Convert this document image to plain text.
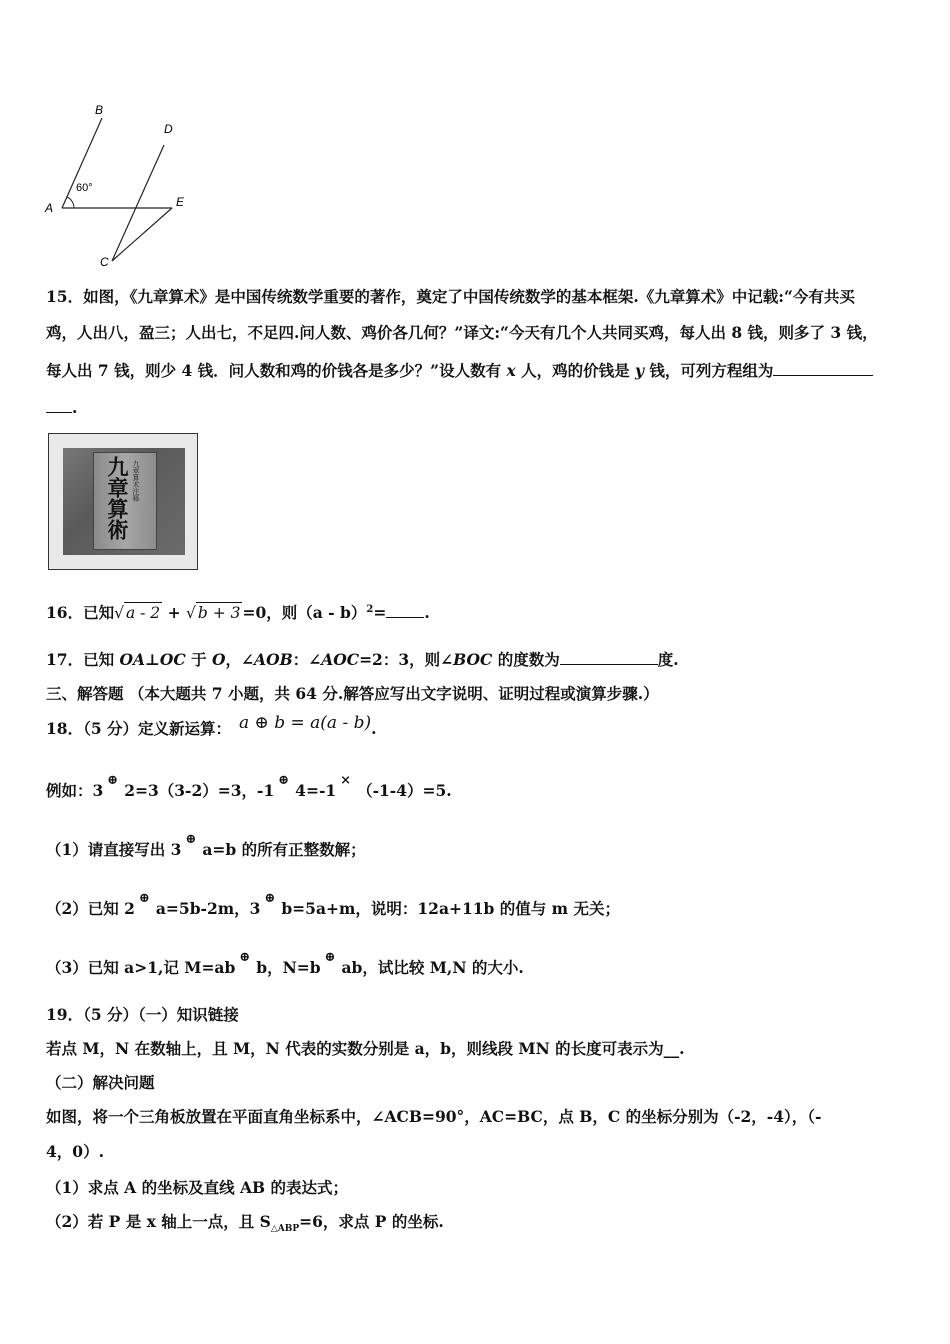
B
D
A	E
C
60°
15．如图，《九章算术》是中国传统数学重要的著作，奠定了中国传统数学的基本框架.《九章算术》中记载:“今有共买
鸡，人出八，盈三；人出七，不足四.问人数、鸡价各几何？”译文:“今天有几个人共同买鸡，每人出 8 钱，则多了 3 钱，
每人出 7 钱，则少 4 钱．问人数和鸡的价钱各是多少？”设人数有 x 人，鸡的价钱是 y 钱，可列方程组为
.
九章算術 九章算术注释
16．已知√ a - 2 + √ b + 3 =0，则（a - b）$^2$= .
17．已知 OA⊥OC 于 O，∠AOB：∠AOC=2：3，则∠BOC 的度数为	度.
三、解答题 （本大题共 7 小题，共 64 分.解答应写出文字说明、证明过程或演算步骤.）
18．（5 分）定义新运算： a ⊕ b = a(a - b).
例如：3⊕2=3（3-2）=3，-1⊕4=-1×（-1-4）=5.
（1）请直接写出 3⊕a=b 的所有正整数解；
（2）已知 2⊕a=5b-2m，3⊕b=5a+m，说明：12a+11b 的值与 m 无关；
（3）已知 a>1,记 M=ab⊕b，N=b⊕ab，试比较 M,N 的大小.
19．（5 分）（一）知识链接
若点 M，N 在数轴上，且 M，N 代表的实数分别是 a，b，则线段 MN 的长度可表示为__.
（二）解决问题
如图，将一个三角板放置在平面直角坐标系中，∠ACB=90°，AC=BC，点 B，C 的坐标分别为（-2，-4），（-
4，0）.
（1）求点 A 的坐标及直线 AB 的表达式；
（2）若 P 是 x 轴上一点，且 $S_{\triangle ABP}=6$，求点 P 的坐标.
